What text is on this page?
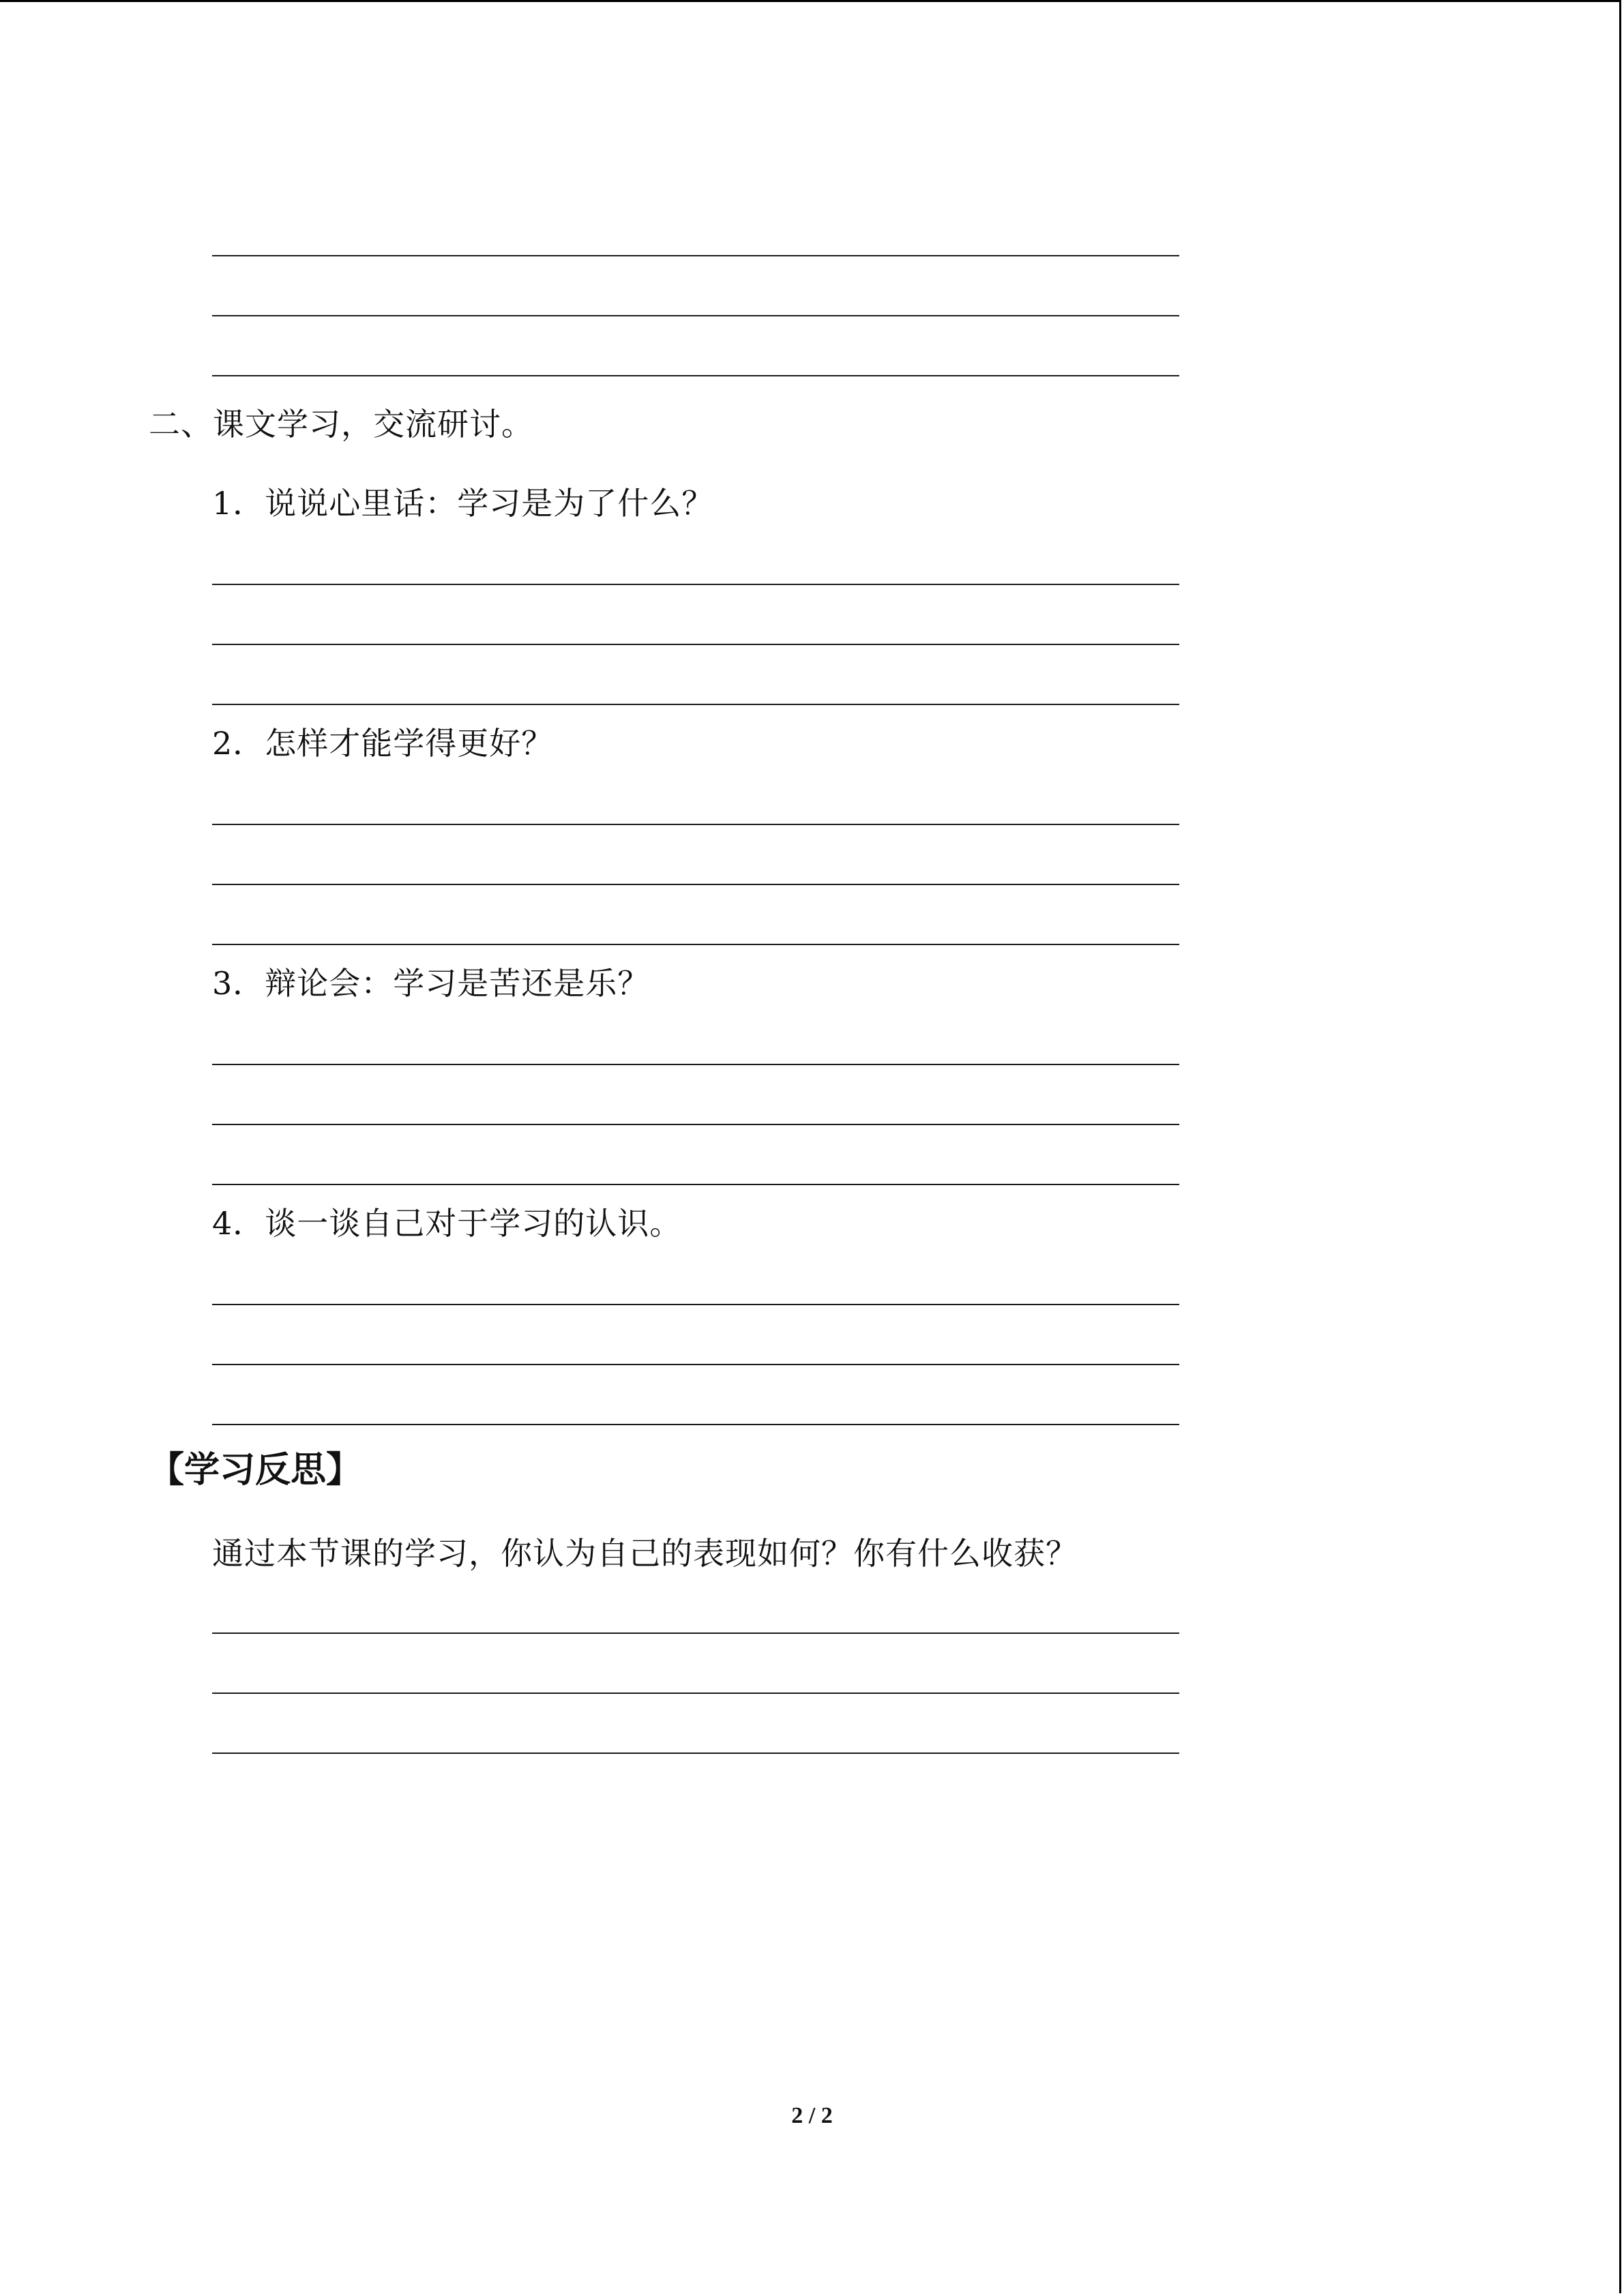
二、课文学习，交流研讨。
1．说说心里话：学习是为了什么？
2．怎样才能学得更好？
3．辩论会：学习是苦还是乐？
4．谈一谈自己对于学习的认识。
【学习反思】
通过本节课的学习，你认为自己的表现如何？你有什么收获？
2 / 2
